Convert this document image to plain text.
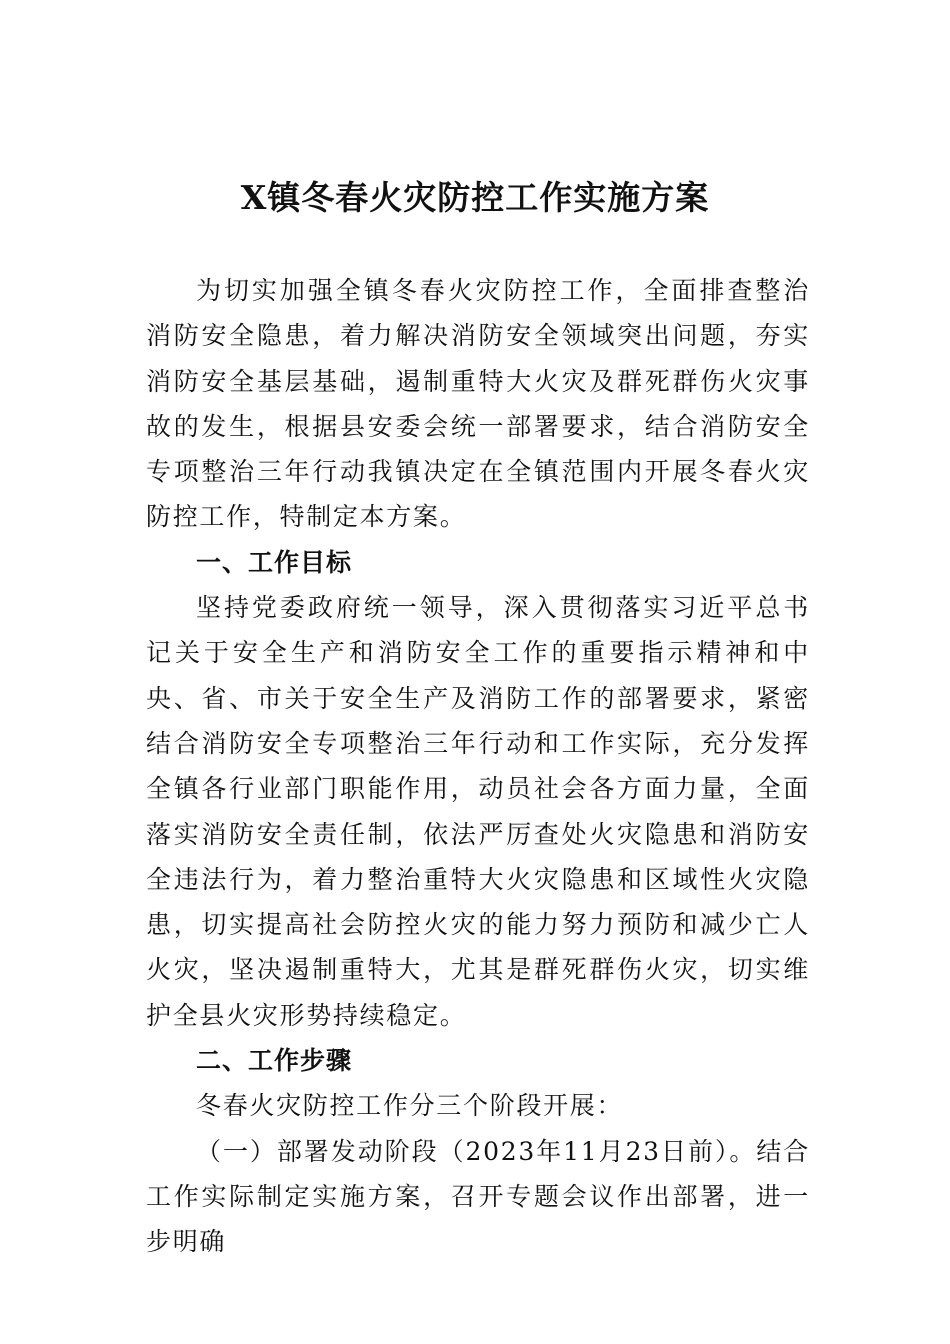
X镇冬春火灾防控工作实施方案

为切实加强全镇冬春火灾防控工作，全面排查整治消防安全隐患，着力解决消防安全领域突出问题，夯实消防安全基层基础，遏制重特大火灾及群死群伤火灾事故的发生，根据县安委会统一部署要求，结合消防安全专项整治三年行动我镇决定在全镇范围内开展冬春火灾防控工作，特制定本方案。

一、工作目标

坚持党委政府统一领导，深入贯彻落实习近平总书记关于安全生产和消防安全工作的重要指示精神和中央、省、市关于安全生产及消防工作的部署要求，紧密结合消防安全专项整治三年行动和工作实际，充分发挥全镇各行业部门职能作用，动员社会各方面力量，全面落实消防安全责任制，依法严厉查处火灾隐患和消防安全违法行为，着力整治重特大火灾隐患和区域性火灾隐患，切实提高社会防控火灾的能力努力预防和减少亡人火灾，坚决遏制重特大，尤其是群死群伤火灾，切实维护全县火灾形势持续稳定。

二、工作步骤

冬春火灾防控工作分三个阶段开展：

（一）部署发动阶段（2023年11月23日前）。结合工作实际制定实施方案，召开专题会议作出部署，进一步明确
